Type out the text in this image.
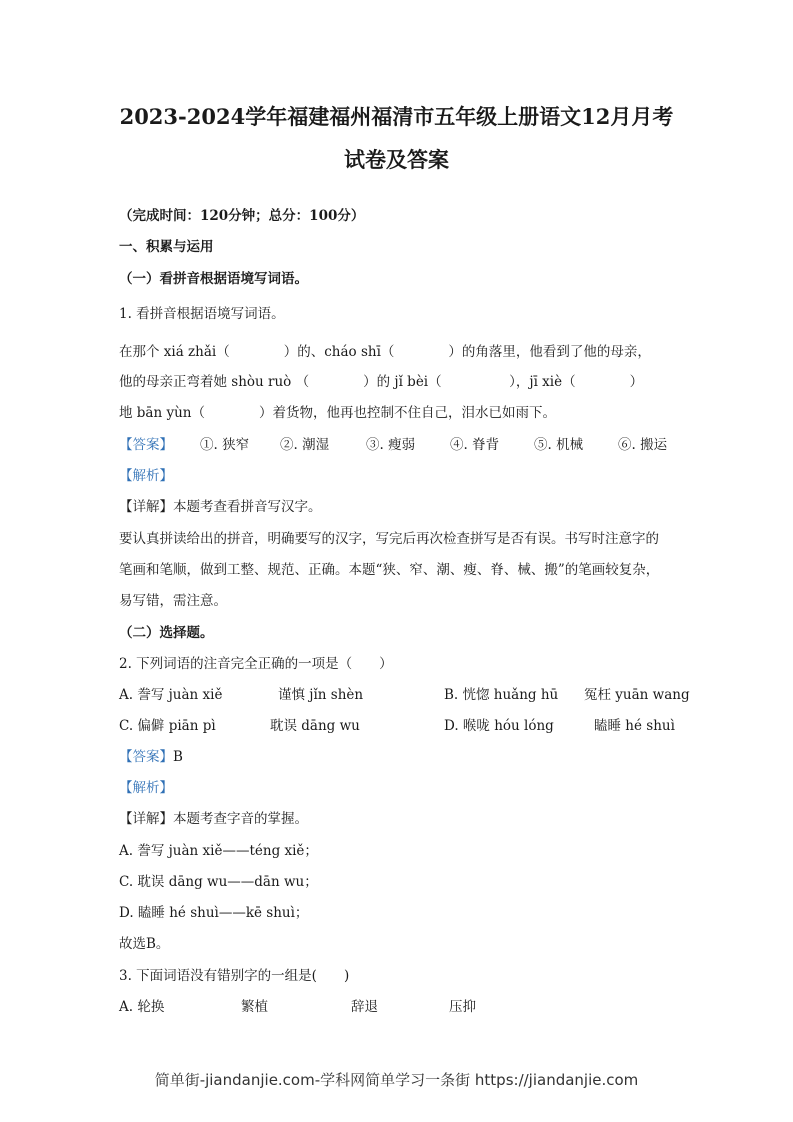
2023-2024学年福建福州福清市五年级上册语文12月月考
试卷及答案
（完成时间：120分钟；总分：100分）
一、积累与运用
（一）看拼音根据语境写词语。
1. 看拼音根据语境写词语。
在那个 xiá zhǎi（　　　　）的、cháo shī（　　　　）的角落里，他看到了他的母亲，
他的母亲正弯着她 shòu ruò （　　　　）的 jǐ bèi（　　　　　），jī xiè（　　　　）
地 bān yùn（　　　　）着货物，他再也控制不住自己，泪水已如雨下。
【答案】 ①. 狭窄 ②. 潮湿	③. 瘦弱	④. 脊背	⑤. 机械	⑥. 搬运
【解析】
【详解】本题考查看拼音写汉字。
要认真拼读给出的拼音，明确要写的汉字，写完后再次检查拼写是否有误。书写时注意字的
笔画和笔顺，做到工整、规范、正确。本题“狭、窄、潮、瘦、脊、械、搬”的笔画较复杂，
易写错，需注意。
（二）选择题。
2. 下列词语的注音完全正确的一项是（　　）
A. 誊写 juàn xiě	谨慎 jǐn shèn	B. 恍惚 huǎng hū 冤枉 yuān wang
C. 偏僻 piān pì	耽误 dāng wu	D. 喉咙 hóu lóng	瞌睡 hé shuì
【答案】B
【解析】
【详解】本题考查字音的掌握。
A. 誊写 juàn xiě——téng xiě；
C. 耽误 dāng wu——dān wu；
D. 瞌睡 hé shuì——kē shuì；
故选B。
3. 下面词语没有错别字的一组是(　　)
A. 轮换	繁植	辞退	压抑
简单街-jiandanjie.com-学科网简单学习一条街 https://jiandanjie.com
